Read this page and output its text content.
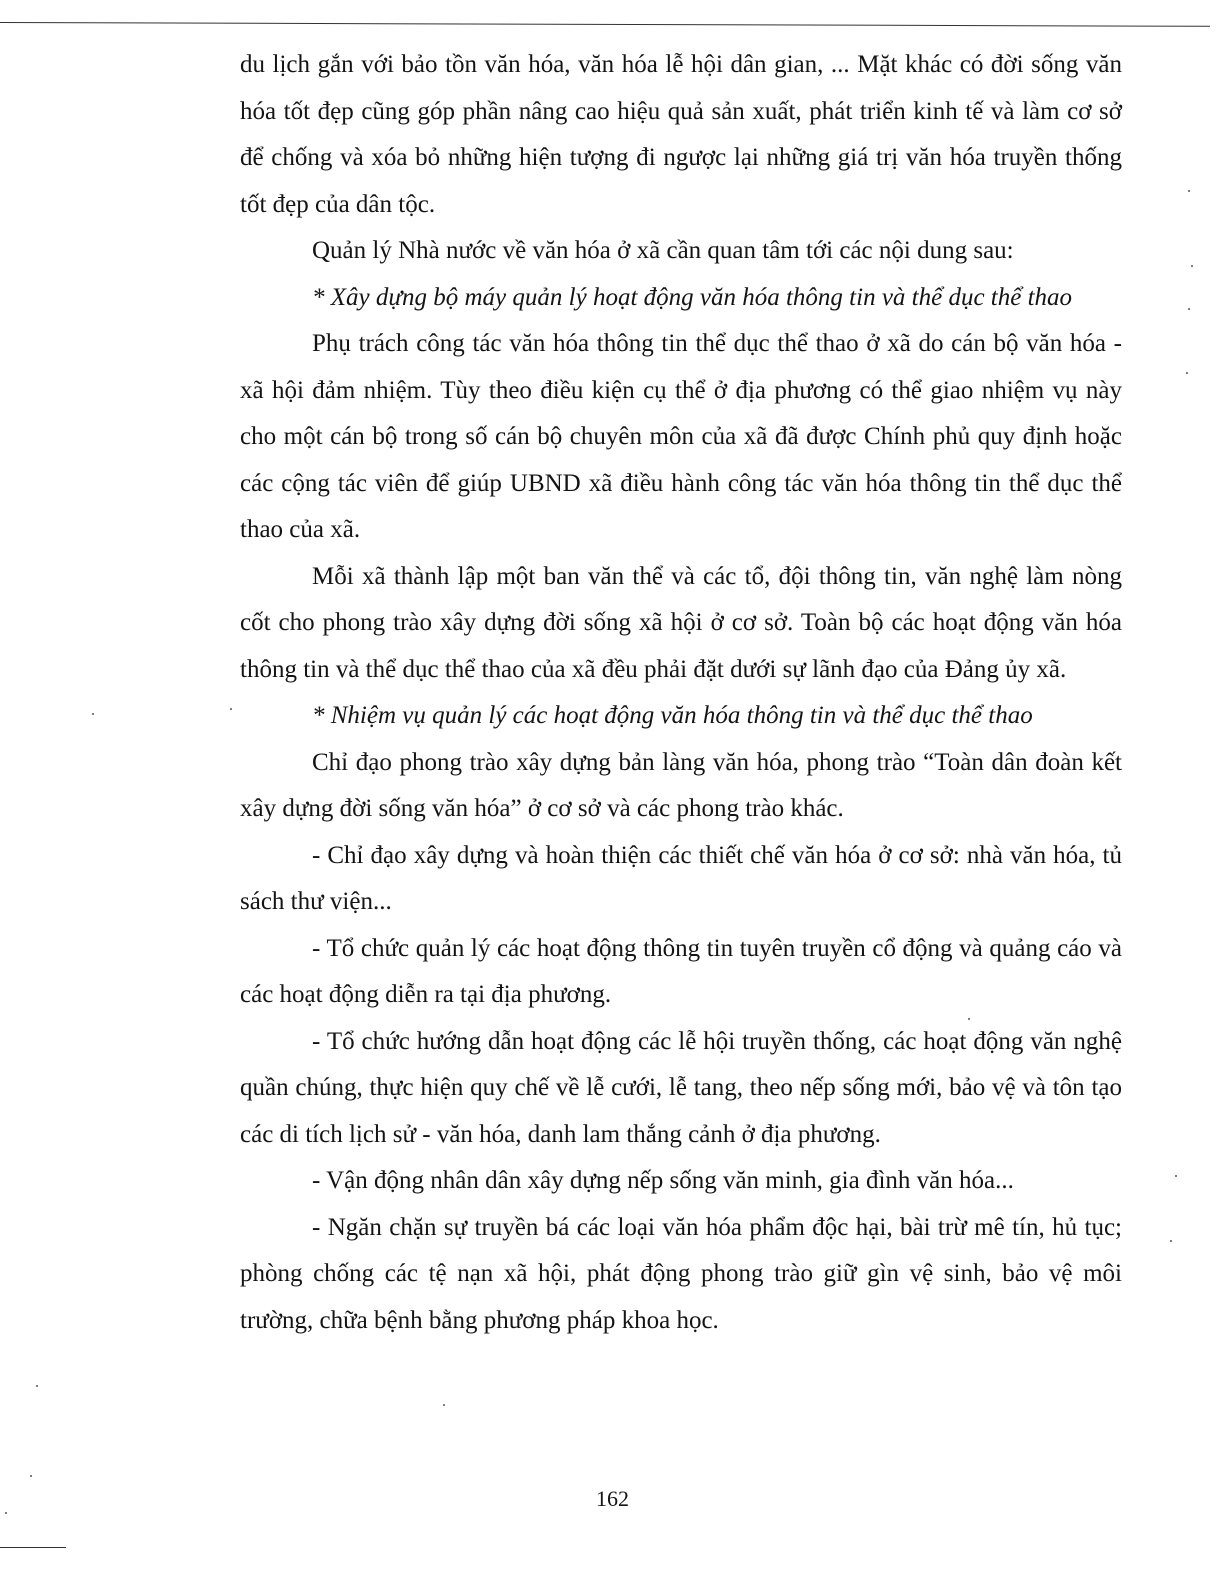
du lịch gắn với bảo tồn văn hóa, văn hóa lễ hội dân gian, ... Mặt khác có đời sống văn hóa tốt đẹp cũng góp phần nâng cao hiệu quả sản xuất, phát triển kinh tế và làm cơ sở để chống và xóa bỏ những hiện tượng đi ngược lại những giá trị văn hóa truyền thống tốt đẹp của dân tộc.

Quản lý Nhà nước về văn hóa ở xã cần quan tâm tới các nội dung sau:

* Xây dựng bộ máy quản lý hoạt động văn hóa thông tin và thể dục thể thao

Phụ trách công tác văn hóa thông tin thể dục thể thao ở xã do cán bộ văn hóa - xã hội đảm nhiệm. Tùy theo điều kiện cụ thể ở địa phương có thể giao nhiệm vụ này cho một cán bộ trong số cán bộ chuyên môn của xã đã được Chính phủ quy định hoặc các cộng tác viên để giúp UBND xã điều hành công tác văn hóa thông tin thể dục thể thao của xã.

Mỗi xã thành lập một ban văn thể và các tổ, đội thông tin, văn nghệ làm nòng cốt cho phong trào xây dựng đời sống xã hội ở cơ sở. Toàn bộ các hoạt động văn hóa thông tin và thể dục thể thao của xã đều phải đặt dưới sự lãnh đạo của Đảng ủy xã.

* Nhiệm vụ quản lý các hoạt động văn hóa thông tin và thể dục thể thao

Chỉ đạo phong trào xây dựng bản làng văn hóa, phong trào “Toàn dân đoàn kết xây dựng đời sống văn hóa” ở cơ sở và các phong trào khác.

- Chỉ đạo xây dựng và hoàn thiện các thiết chế văn hóa ở cơ sở: nhà văn hóa, tủ sách thư viện...

- Tổ chức quản lý các hoạt động thông tin tuyên truyền cổ động và quảng cáo và các hoạt động diễn ra tại địa phương.

- Tổ chức hướng dẫn hoạt động các lễ hội truyền thống, các hoạt động văn nghệ quần chúng, thực hiện quy chế về lễ cưới, lễ tang, theo nếp sống mới, bảo vệ và tôn tạo các di tích lịch sử - văn hóa, danh lam thắng cảnh ở địa phương.

- Vận động nhân dân xây dựng nếp sống văn minh, gia đình văn hóa...

- Ngăn chặn sự truyền bá các loại văn hóa phẩm độc hại, bài trừ mê tín, hủ tục; phòng chống các tệ nạn xã hội, phát động phong trào giữ gìn vệ sinh, bảo vệ môi trường, chữa bệnh bằng phương pháp khoa học.

162
